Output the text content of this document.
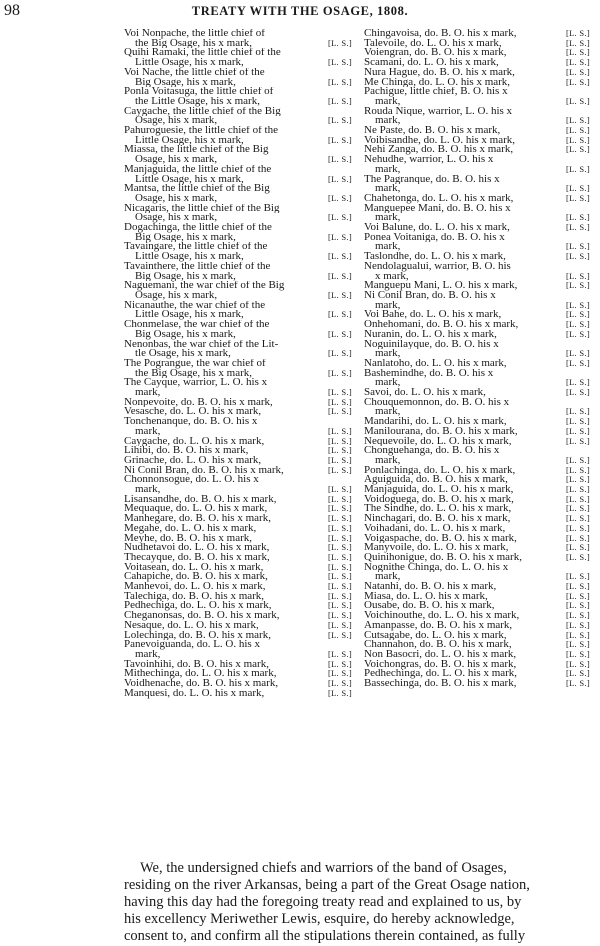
98	TREATY WITH THE OSAGE, 1808.
Voi Nonpache, the little chief of
the Big Osage, his x mark,	[L. S.]
Quihi Ramaki, the little chief of the
Little Osage, his x mark,	[L. S.]
Voi Nache, the little chief of the
Big Osage, his x mark,	[L. S.]
Ponla Voitasuga, the little chief of
the Little Osage, his x mark,	[L. S.]
Caygache, the little chief of the Big
Osage, his x mark,	[L. S.]
Pahuroguesie, the little chief of the
Little Osage, his x mark,	[L. S.]
Miassa, the little chief of the Big
Osage, his x mark,	[L. S.]
Manjaguida, the little chief of the
Little Osage, his x mark,	[L. S.]
Mantsa, the little chief of the Big
Osage, his x mark,	[L. S.]
Nicagaris, the little chief of the Big
Osage, his x mark,	[L. S.]
Dogachinga, the little chief of the
Big Osage, his x mark,	[L. S.]
Tavaingare, the little chief of the
Little Osage, his x mark,	[L. S.]
Tavainthere, the little chief of the
Big Osage, his x mark,	[L. S.]
Naguemani, the war chief of the Big
Osage, his x mark,	[L. S.]
Nicanauthe, the war chief of the
Little Osage, his x mark,	[L. S.]
Chonmelase, the war chief of the
Big Osage, his x mark,	[L. S.]
Nenonbas, the war chief of the Lit-
tle Osage, his x mark,	[L. S.]
The Pograngue, the war chief of
the Big Osage, his x mark,	[L. S.]
The Cayque, warrior, L. O. his x
mark,	[L. S.]
Nonpevoite, do. B. O. his x mark,	[L. S.]
Vesasche, do. L. O. his x mark,	[L. S.]
Tonchenanque, do. B. O. his x
mark,	[L. S.]
Caygache, do. L. O. his x mark,	[L. S.]
Lihibi, do. B. O. his x mark,	[L. S.]
Grinache, do. L. O. his x mark,	[L. S.]
Ni Conil Bran, do. B. O. his x mark,	[L. S.]
Chonnonsogue, do. L. O. his x
mark,	[L. S.]
Lisansandhe, do. B. O. his x mark,	[L. S.]
Mequaque, do. L. O. his x mark,	[L. S.]
Manhegare, do. B. O. his x mark,	[L. S.]
Megahe, do. L. O. his x mark,	[L. S.]
Meyhe, do. B. O. his x mark,	[L. S.]
Nudhetavoi do. L. O. his x mark,	[L. S.]
Thecayque, do. B. O. his x mark,	[L. S.]
Voitasean, do. L. O. his x mark,	[L. S.]
Cahapiche, do. B. O. his x mark,	[L. S.]
Manhevoi, do. L. O. his x mark,	[L. S.]
Talechiga, do. B. O. his x mark,	[L. S.]
Pedhechiga, do. L. O. his x mark,	[L. S.]
Cheganonsas, do. B. O. his x mark,	[L. S.]
Nesaque, do. L. O. his x mark,	[L. S.]
Lolechinga, do. B. O. his x mark,	[L. S.]
Panevoiguanda, do. L. O. his x
mark,	[L. S.]
Tavoinhihi, do. B. O. his x mark,	[L. S.]
Mithechinga, do. L. O. his x mark,	[L. S.]
Voidhenache, do. B. O. his x mark,	[L. S.]
Manquesi, do. L. O. his x mark,	[L. S.]
Chingavoisa, do. B. O. his x mark,	[L. S.]
Talevoile, do. L. O. his x mark,	[L. S.]
Voiengran, do. B. O. his x mark,	[L. S.]
Scamani, do. L. O. his x mark,	[L. S.]
Nura Hague, do. B. O. his x mark,	[L. S.]
Me Chinga, do. L. O. his x mark,	[L. S.]
Pachigue, little chief, B. O. his x
mark,	[L. S.]
Rouda Nique, warrior, L. O. his x
mark,	[L. S.]
Ne Paste, do. B. O. his x mark,	[L. S.]
Voibisandhe, do. L. O. his x mark,	[L. S.]
Nehi Zanga, do. B. O. his x mark,	[L. S.]
Nehudhe, warrior, L. O. his x
mark,	[L. S.]
The Pagranque, do. B. O. his x
mark,	[L. S.]
Chahetonga, do. L. O. his x mark,	[L. S.]
Manguepee Mani, do. B. O. his x
mark,	[L. S.]
Voi Balune, do. L. O. his x mark,	[L. S.]
Ponea Voitaniga, do. B. O. his x
mark,	[L. S.]
Taslondhe, do. L. O. his x mark,	[L. S.]
Nendolagualui, warrior, B. O. his
x mark,	[L. S.]
Manguepu Mani, L. O. his x mark,	[L. S.]
Ni Conil Bran, do. B. O. his x
mark,	[L. S.]
Voi Bahe, do. L. O. his x mark,	[L. S.]
Onhehomani, do. B. O. his x mark,	[L. S.]
Nuranin, do. L. O. his x mark,	[L. S.]
Noguinilayque, do. B. O. his x
mark,	[L. S.]
Nanlatoho, do. L. O. his x mark,	[L. S.]
Bashemindhe, do. B. O. his x
mark,	[L. S.]
Savoi, do. L. O. his x mark,	[L. S.]
Chouquemonnon, do. B. O. his x
mark,	[L. S.]
Mandarihi, do. L. O. his x mark,	[L. S.]
Manilourana, do. B. O. his x mark,	[L. S.]
Nequevoile, do. L. O. his x mark,	[L. S.]
Chonguehanga, do. B. O. his x
mark,	[L. S.]
Ponlachinga, do. L. O. his x mark,	[L. S.]
Aguiguida, do. B. O. his x mark,	[L. S.]
Manjaguida, do. L. O. his x mark,	[L. S.]
Voidoguega, do. B. O. his x mark,	[L. S.]
The Sindhe, do. L. O. his x mark,	[L. S.]
Ninchagari, do. B. O. his x mark,	[L. S.]
Voihadani, do. L. O. his x mark,	[L. S.]
Voigaspache, do. B. O. his x mark,	[L. S.]
Manyvoile, do. L. O. his x mark,	[L. S.]
Quinihonigue, do. B. O. his x mark,	[L. S.]
Nognithe Chinga, do. L. O. his x
mark,	[L. S.]
Natanhi, do. B. O. his x mark,	[L. S.]
Miasa, do. L. O. his x mark,	[L. S.]
Ousabe, do. B. O. his x mark,	[L. S.]
Voichinouthe, do. L. O. his x mark,	[L. S.]
Amanpasse, do. B. O. his x mark,	[L. S.]
Cutsagabe, do. L. O. his x mark,	[L. S.]
Channahon, do. B. O. his x mark,	[L. S.]
Non Basocri, do. L. O. his x mark,	[L. S.]
Voichongras, do. B. O. his x mark,	[L. S.]
Pedhechinga, do. L. O. his x mark,	[L. S.]
Bassechinga, do. B. O. his x mark,	[L. S.]
We, the undersigned chiefs and warriors of the band of Osages,
residing on the river Arkansas, being a part of the Great Osage nation,
having this day had the foregoing treaty read and explained to us, by
his excellency Meriwether Lewis, esquire, do hereby acknowledge,
consent to, and confirm all the stipulations therein contained, as fully
